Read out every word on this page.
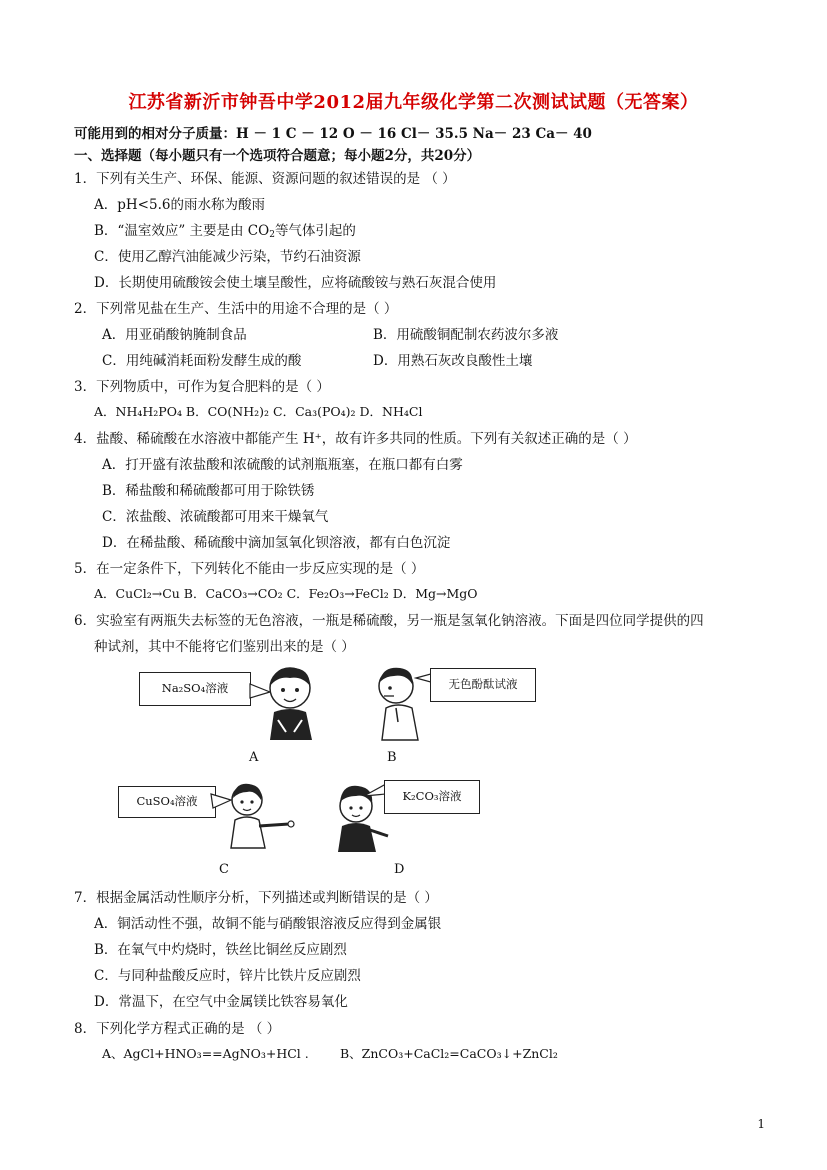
江苏省新沂市钟吾中学2012届九年级化学第二次测试试题（无答案）
可能用到的相对分子质量：H － 1 C － 12 O － 16 Cl－ 35.5 Na－ 23 Ca－ 40
一、选择题（每小题只有一个选项符合题意；每小题2分，共20分）
1．下列有关生产、环保、能源、资源问题的叙述错误的是 （ ）
A．pH<5.6的雨水称为酸雨
B．“温室效应” 主要是由 $CO_2$等气体引起的
C．使用乙醇汽油能减少污染，节约石油资源
D．长期使用硫酸铵会使土壤呈酸性，应将硫酸铵与熟石灰混合使用
2．下列常见盐在生产、生活中的用途不合理的是（ ）
A．用亚硝酸钠腌制食品	B．用硫酸铜配制农药波尔多液
C．用纯碱消耗面粉发酵生成的酸	D．用熟石灰改良酸性土壤
3．下列物质中，可作为复合肥料的是（ ）
A．NH₄H₂PO₄ B．CO(NH₂)₂ C．Ca₃(PO₄)₂ D．NH₄Cl
4．盐酸、稀硫酸在水溶液中都能产生 H⁺，故有许多共同的性质。下列有关叙述正确的是（ ）
A．打开盛有浓盐酸和浓硫酸的试剂瓶瓶塞，在瓶口都有白雾
B．稀盐酸和稀硫酸都可用于除铁锈
C．浓盐酸、浓硫酸都可用来干燥氧气
D．在稀盐酸、稀硫酸中滴加氢氧化钡溶液，都有白色沉淀
5．在一定条件下，下列转化不能由一步反应实现的是（ ）
A．CuCl₂→Cu B．CaCO₃→CO₂ C．Fe₂O₃→FeCl₂ D．Mg→MgO
6．实验室有两瓶失去标签的无色溶液，一瓶是稀硫酸，另一瓶是氢氧化钠溶液。下面是四位同学提供的四
种试剂，其中不能将它们鉴别出来的是（ ）
Na₂SO₄溶液
A
无色酚酞试液
B
CuSO₄溶液
C
K₂CO₃溶液
D
7．根据金属活动性顺序分析，下列描述或判断错误的是（ ）
A．铜活动性不强，故铜不能与硝酸银溶液反应得到金属银
B．在氧气中灼烧时，铁丝比铜丝反应剧烈
C．与同种盐酸反应时，锌片比铁片反应剧烈
D．常温下，在空气中金属镁比铁容易氧化
8．下列化学方程式正确的是 （ ）
A、AgCl+HNO₃==AgNO₃+HCl .	B、ZnCO₃+CaCl₂=CaCO₃↓+ZnCl₂
1
